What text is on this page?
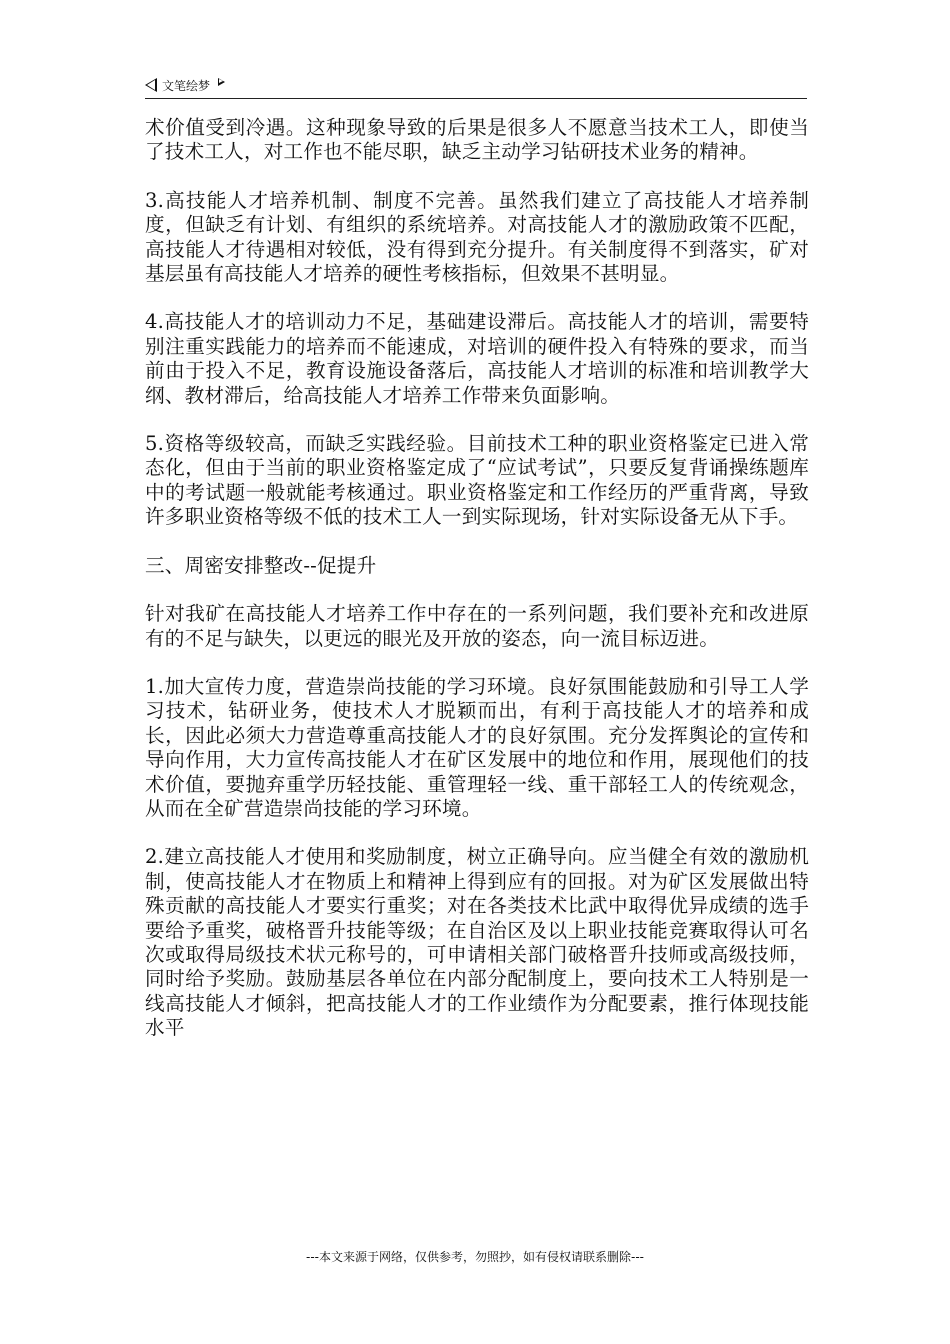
文笔绘梦

术价值受到冷遇。这种现象导致的后果是很多人不愿意当技术工人，即使当了技术工人，对工作也不能尽职，缺乏主动学习钻研技术业务的精神。

3.高技能人才培养机制、制度不完善。虽然我们建立了高技能人才培养制度，但缺乏有计划、有组织的系统培养。对高技能人才的激励政策不匹配，高技能人才待遇相对较低，没有得到充分提升。有关制度得不到落实，矿对基层虽有高技能人才培养的硬性考核指标，但效果不甚明显。

4.高技能人才的培训动力不足，基础建设滞后。高技能人才的培训，需要特别注重实践能力的培养而不能速成，对培训的硬件投入有特殊的要求，而当前由于投入不足，教育设施设备落后，高技能人才培训的标准和培训教学大纲、教材滞后，给高技能人才培养工作带来负面影响。

5.资格等级较高，而缺乏实践经验。目前技术工种的职业资格鉴定已进入常态化，但由于当前的职业资格鉴定成了“应试考试”，只要反复背诵操练题库中的考试题一般就能考核通过。职业资格鉴定和工作经历的严重背离，导致许多职业资格等级不低的技术工人一到实际现场，针对实际设备无从下手。

三、周密安排整改--促提升

针对我矿在高技能人才培养工作中存在的一系列问题，我们要补充和改进原有的不足与缺失，以更远的眼光及开放的姿态，向一流目标迈进。

1.加大宣传力度，营造崇尚技能的学习环境。良好氛围能鼓励和引导工人学习技术，钻研业务，使技术人才脱颖而出，有利于高技能人才的培养和成长，因此必须大力营造尊重高技能人才的良好氛围。充分发挥舆论的宣传和导向作用，大力宣传高技能人才在矿区发展中的地位和作用，展现他们的技术价值，要抛弃重学历轻技能、重管理轻一线、重干部轻工人的传统观念，从而在全矿营造崇尚技能的学习环境。

2.建立高技能人才使用和奖励制度，树立正确导向。应当健全有效的激励机制，使高技能人才在物质上和精神上得到应有的回报。对为矿区发展做出特殊贡献的高技能人才要实行重奖；对在各类技术比武中取得优异成绩的选手要给予重奖，破格晋升技能等级；在自治区及以上职业技能竞赛取得认可名次或取得局级技术状元称号的，可申请相关部门破格晋升技师或高级技师，同时给予奖励。鼓励基层各单位在内部分配制度上，要向技术工人特别是一线高技能人才倾斜，把高技能人才的工作业绩作为分配要素，推行体现技能水平

---本文来源于网络，仅供参考，勿照抄，如有侵权请联系删除---
